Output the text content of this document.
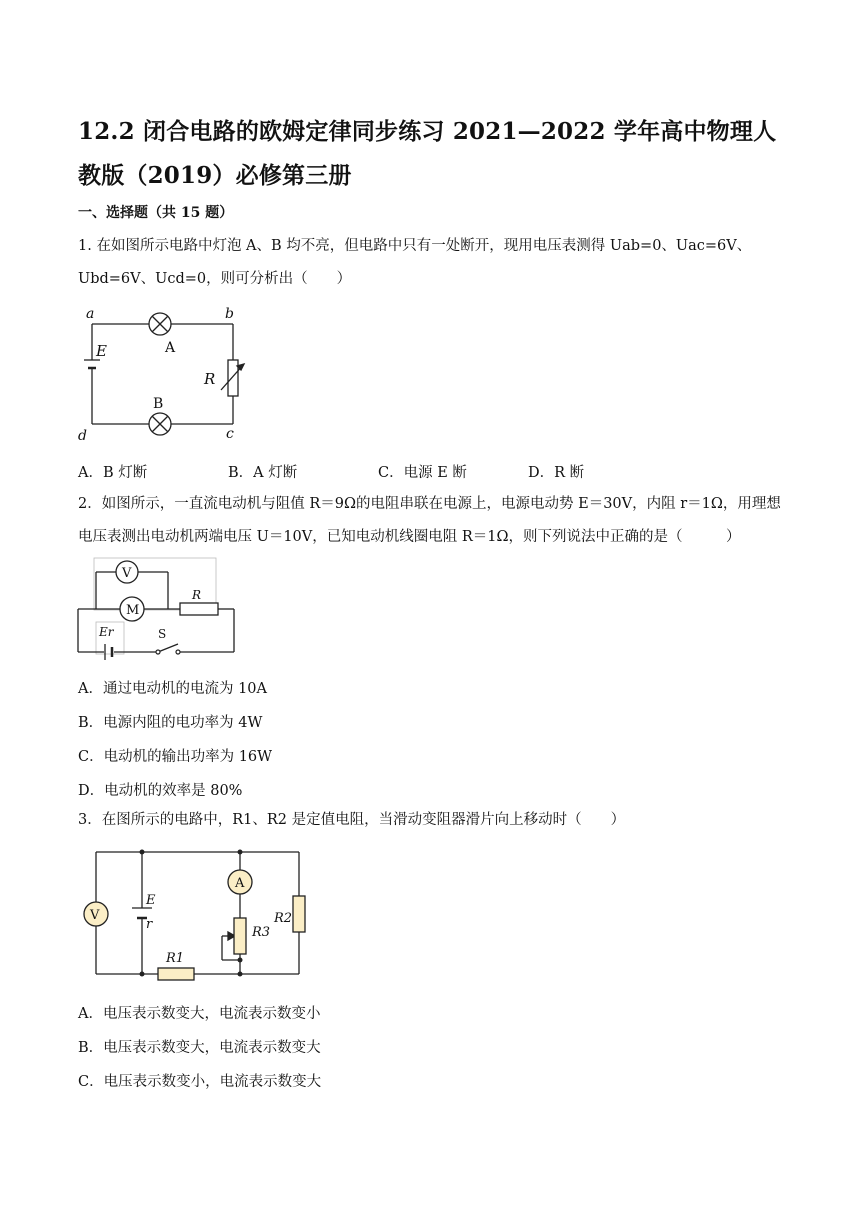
12.2 闭合电路的欧姆定律同步练习 2021—2022 学年高中物理人教版（2019）必修第三册
一、选择题（共 15 题）
1. 在如图所示电路中灯泡 A、B 均不亮，但电路中只有一处断开，现用电压表测得 Uab=0、Uac=6V、Ubd=6V、Ucd=0，则可分析出（　　）
a	b
c
d
A
B
E
R
A．B 灯断	B．A 灯断	C．电源 E 断	D．R 断
2．如图所示，一直流电动机与阻值 R＝9Ω的电阻串联在电源上，电源电动势 E＝30V，内阻 r＝1Ω，用理想电压表测出电动机两端电压 U＝10V，已知电动机线圈电阻 R＝1Ω，则下列说法中正确的是（　　　）
V
M
R
Er	S
A．通过电动机的电流为 10A
B．电源内阻的电功率为 4W
C．电动机的输出功率为 16W
D．电动机的效率是 80%
3．在图所示的电路中，R1、R2 是定值电阻，当滑动变阻器滑片向上移动时（　　）
V
A
E
r
R1
R2
R3
A．电压表示数变大，电流表示数变小
B．电压表示数变大，电流表示数变大
C．电压表示数变小，电流表示数变大
